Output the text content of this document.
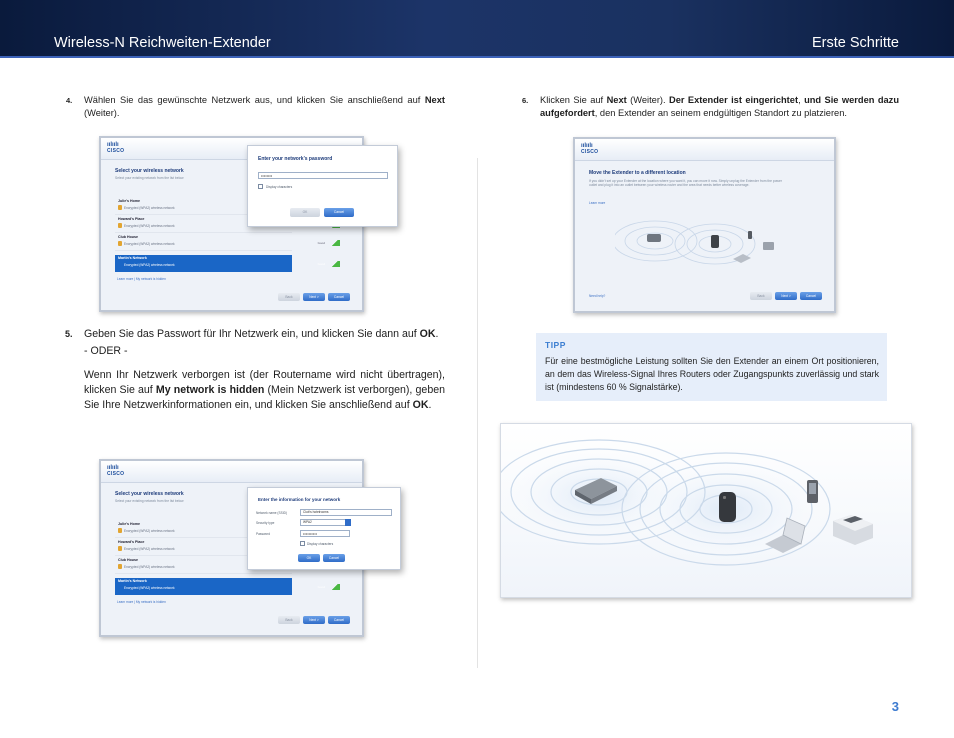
Wireless-N Reichweiten-Extender	Erste Schritte
4. Wählen Sie das gewünschte Netzwerk aus, und klicken Sie anschließend auf Next (Weiter).
ıılıılı
CISCO
Select your wireless network
Select your existing network from the list below
Julie's Home
Encrypted (WPA2) wireless network
Howard's Place
Encrypted (WPA2) wireless network
Club House
Encrypted (WPA2) wireless network	Good
Martin's Network
Encrypted (WPA2) wireless network	Good
Learn more | My network is hidden
Back	Next >	Cancel
Enter your network's password
••••••••
Display characters
OK	Cancel
5. Geben Sie das Passwort für Ihr Netzwerk ein, und klicken Sie dann auf OK.
- ODER -
Wenn Ihr Netzwerk verborgen ist (der Routername wird nicht übertragen), klicken Sie auf My network is hidden (Mein Netzwerk ist verborgen), geben Sie Ihre Netzwerkinformationen ein, und klicken Sie anschließend auf OK.
ıılıılı
CISCO
Select your wireless network
Select your existing network from the list below
Julie's Home
Encrypted (WPA2) wireless network
Howard's Place
Encrypted (WPA2) wireless network
Club House
Encrypted (WPA2) wireless network
Martin's Network
Encrypted (WPA2) wireless network	Good
Learn more | My network is hidden
Back	Next >	Cancel
Enter the information for your network
Network name (SSID)	Club's hotelrooms
Security type	WPA2
Password	••••••••••
Display characters
OK	Cancel
6. Klicken Sie auf Next (Weiter). Der Extender ist eingerichtet, und Sie werden dazu aufgefordert, den Extender an seinem endgültigen Standort zu platzieren.
ıılıılı
CISCO
Move the Extender to a different location
If you didn't set up your Extender at the location where you want it, you can move it now. Simply unplug the Extender from the power outlet and plug it into an outlet between your wireless router and the area that needs better wireless coverage.
Learn more
Need help?	Back	Next >	Cancel
TIPP
Für eine bestmögliche Leistung sollten Sie den Extender an einem Ort positionieren, an dem das Wireless-Signal Ihres Routers oder Zugangspunkts zuverlässig und stark ist (mindestens 60 % Signalstärke).
3
